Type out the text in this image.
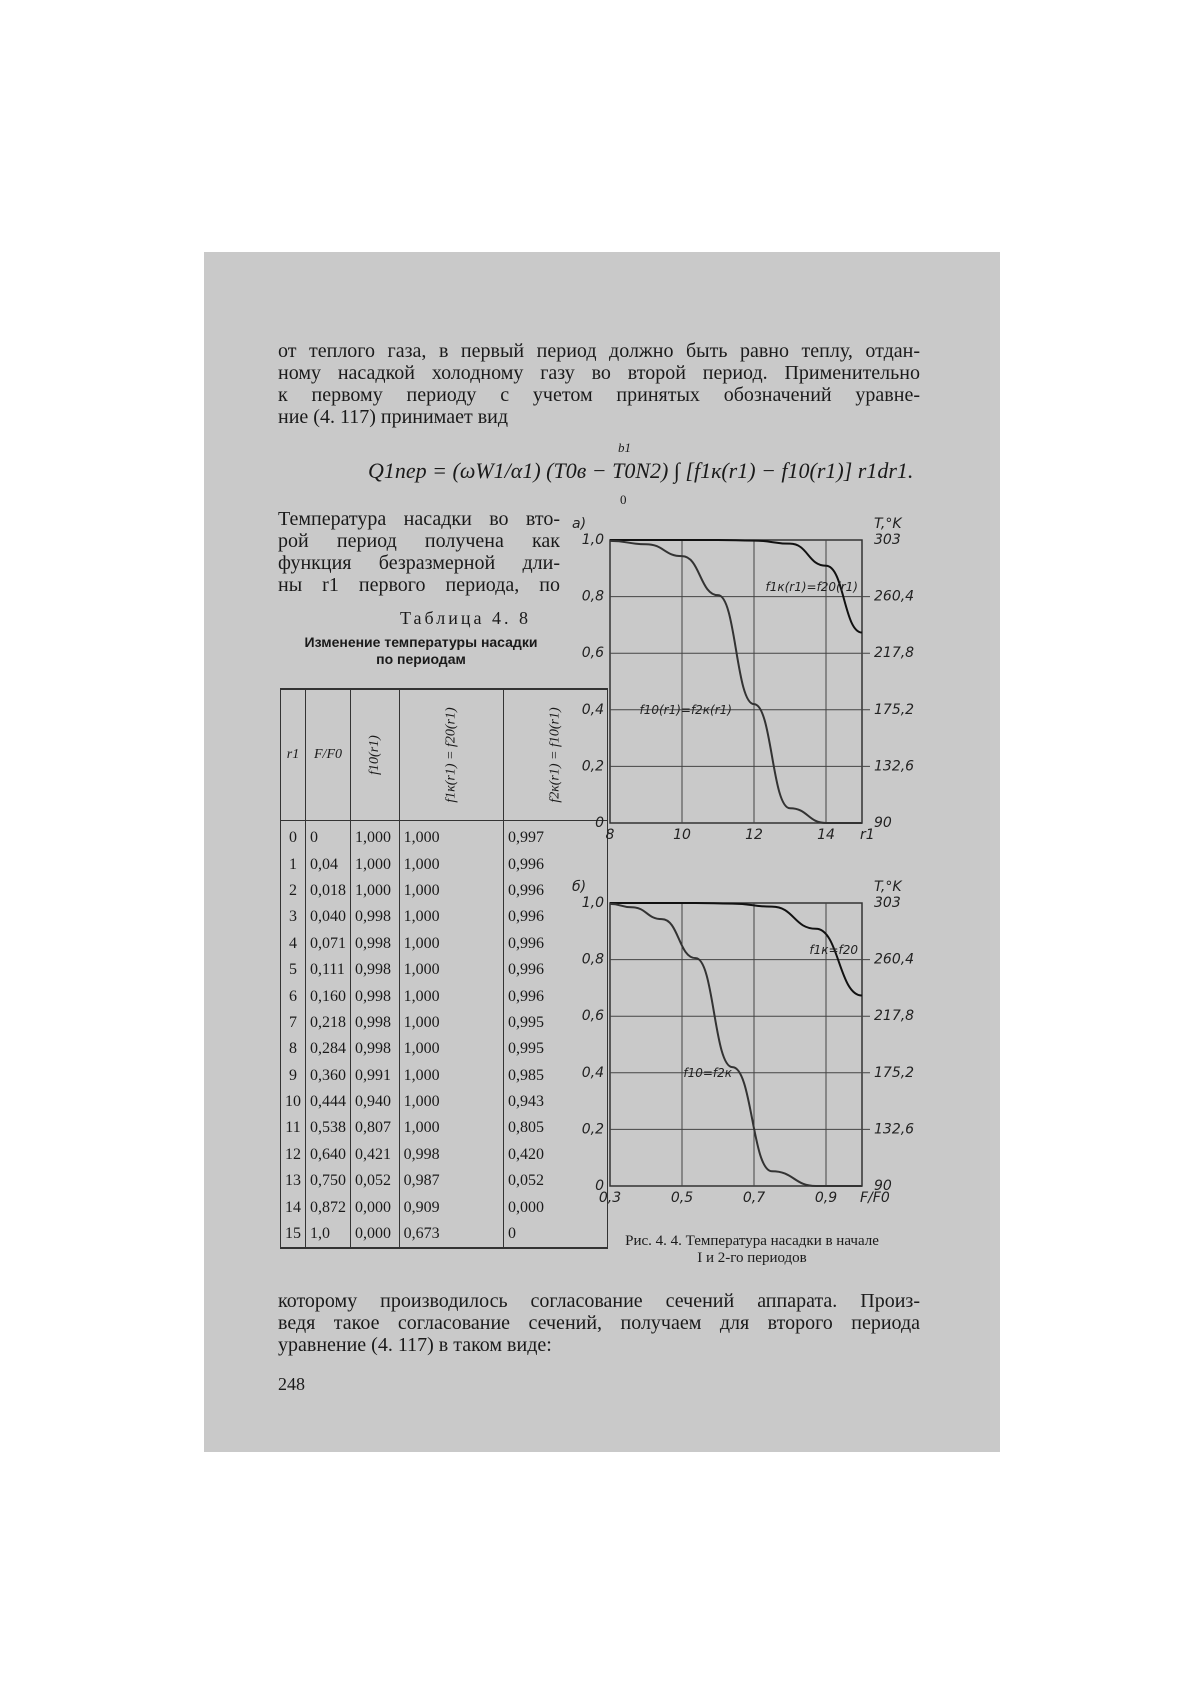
от теплого газа, в первый период должно быть равно теплу, отдан-
ному насадкой холодному газу во второй период. Применительно
к первому периоду с учетом принятых обозначений уравне-
ние (4. 117) принимает вид
b1
Q1пер = (ωW1/α1) (T0в − T0N2) ∫ [f1к(r1) − f10(r1)] r1dr1.
0
Температура насадки во вто-
рой период получена как
функция безразмерной дли-
ны r1 первого периода, по
Таблица 4. 8
Изменение температуры насадки
по периодам
r1	F/F0	f10(r1)	f1к(r1) = f20(r1)	f2к(r1) = f10(r1)
0	0	1,000	1,000	0,997
1	0,04	1,000	1,000	0,996
2	0,018	1,000	1,000	0,996
3	0,040	0,998	1,000	0,996
4	0,071	0,998	1,000	0,996
5	0,111	0,998	1,000	0,996
6	0,160	0,998	1,000	0,996
7	0,218	0,998	1,000	0,995
8	0,284	0,998	1,000	0,995
9	0,360	0,991	1,000	0,985
10	0,444	0,940	1,000	0,943
11	0,538	0,807	1,000	0,805
12	0,640	0,421	0,998	0,420
13	0,750	0,052	0,987	0,052
14	0,872	0,000	0,909	0,000
15	1,0	0,000	0,673	0
0	90
0,2	132,6
0,4	175,2
0,6	217,8
0,8	260,4
1,0	303
а)	T,°K
8	10	12	14 r1
f1к(r1)=f20(r1)
f10(r1)=f2к(r1)
0	90
0,2	132,6
0,4	175,2
0,6	217,8
0,8	260,4
1,0	303
б)	T,°K
0,3	0,5	0,7	0,9 F/F0
f1к=f20
f10=f2к
Рис. 4. 4. Температура насадки в начале
I и 2-го периодов
которому производилось согласование сечений аппарата. Произ-
ведя такое согласование сечений, получаем для второго периода
уравнение (4. 117) в таком виде:
248
